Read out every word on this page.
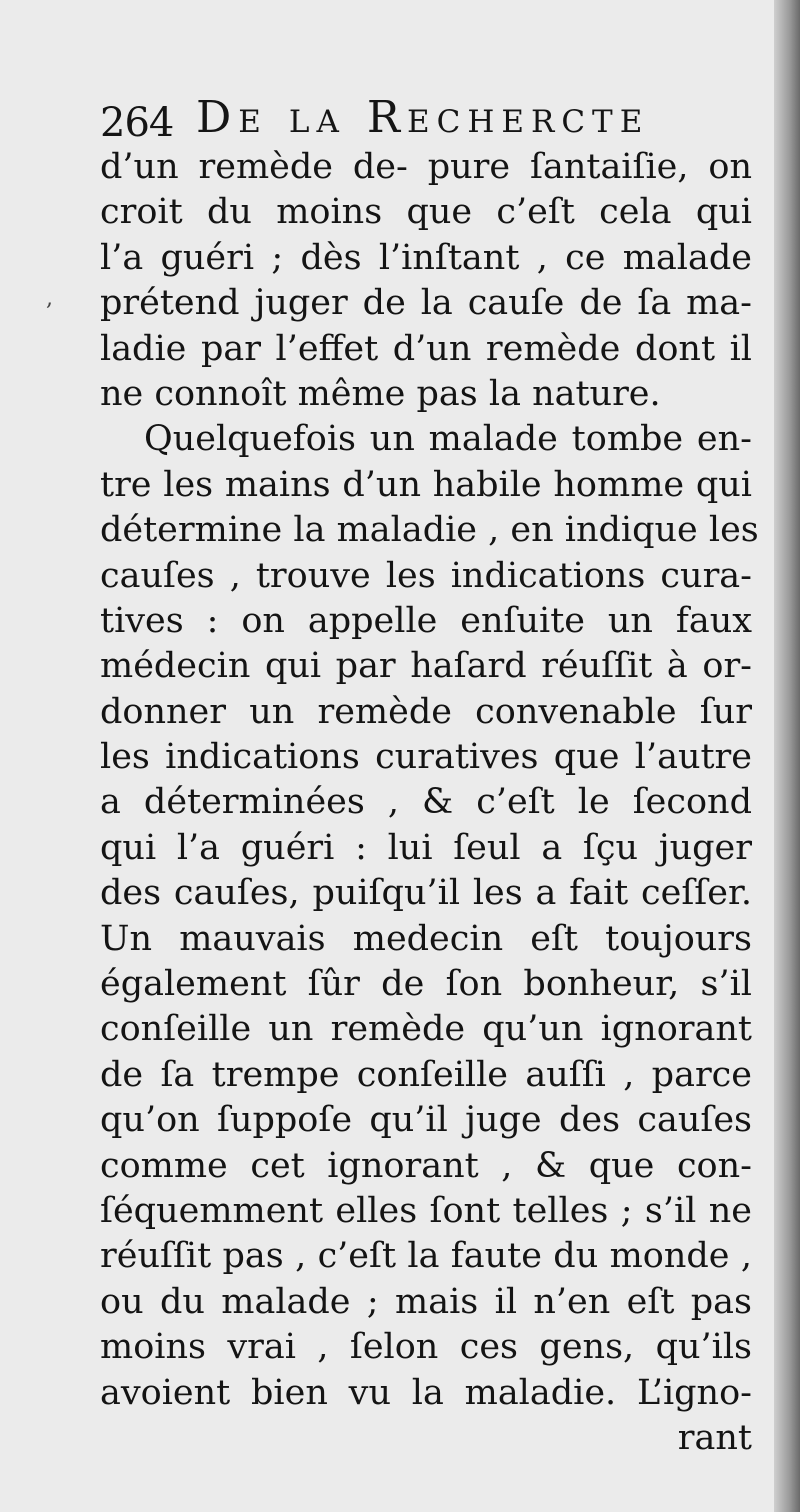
264 De la Rechercte
,
d’un remède de- pure ſantaiſie, on
croit du moins que c’eſt cela qui
l’a guéri ; dès l’inſtant , ce malade
prétend juger de la cauſe de ſa ma-
ladie par l’effet d’un remède dont il
ne connoît même pas la nature.
Quelquefois un malade tombe en-
tre les mains d’un habile homme qui
détermine la maladie , en indique les
cauſes , trouve les indications cura-
tives : on appelle enſuite un faux
médecin qui par haſard réuſſit à or-
donner un remède convenable ſur
les indications curatives que l’autre
a déterminées , & c’eſt le ſecond
qui l’a guéri : lui ſeul a ſçu juger
des cauſes, puiſqu’il les a fait ceſſer.
Un mauvais medecin eſt toujours
également ſûr de ſon bonheur, s’il
conſeille un remède qu’un ignorant
de ſa trempe conſeille auſſi , parce
qu’on ſuppoſe qu’il juge des cauſes
comme cet ignorant , & que con-
ſéquemment elles ſont telles ; s’il ne
réuſſit pas , c’eſt la faute du monde ,
ou du malade ; mais il n’en eſt pas
moins vrai , ſelon ces gens, qu’ils
avoient bien vu la maladie. L’igno-
rant
